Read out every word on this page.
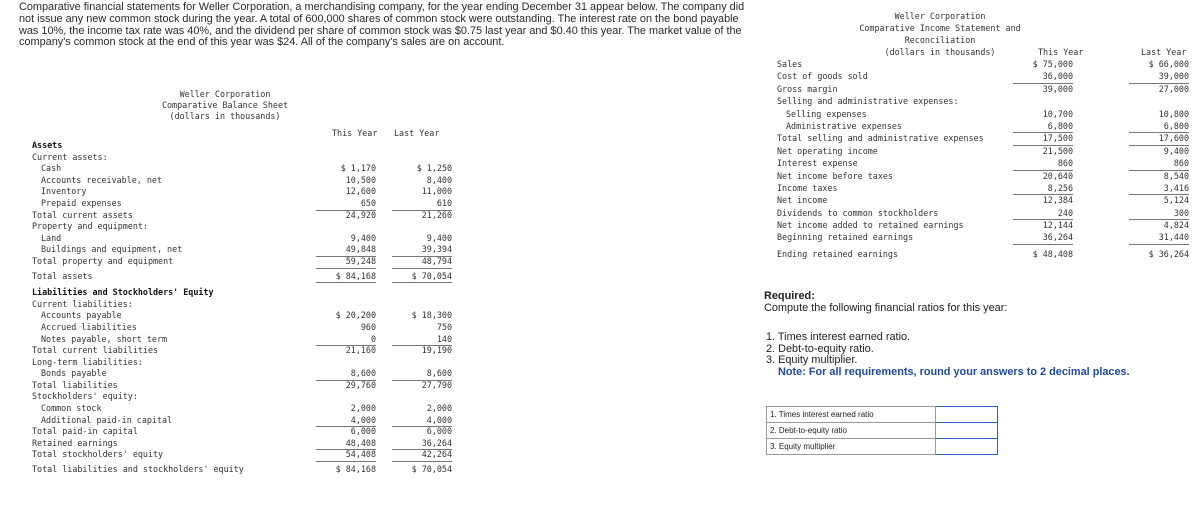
Comparative financial statements for Weller Corporation, a merchandising company, for the year ending December 31 appear below. The company did not issue any new common stock during the year. A total of 600,000 shares of common stock were outstanding. The interest rate on the bond payable was 10%, the income tax rate was 40%, and the dividend per share of common stock was $0.75 last year and $0.40 this year. The market value of the company's common stock at the end of this year was $24. All of the company's sales are on account.
Weller Corporation
Comparative Balance Sheet
(dollars in thousands)
This Year Last Year
Assets
Current assets:
Cash	$ 1,170	$ 1,250
Accounts receivable, net	10,500	8,400
Inventory	12,600	11,000
Prepaid expenses	650	610
Total current assets	24,920	21,260
Property and equipment:
Land	9,400	9,400
Buildings and equipment, net	49,848	39,394
Total property and equipment	59,248	48,794
Total assets	$ 84,168	$ 70,054
Liabilities and Stockholders' Equity
Current liabilities:
Accounts payable	$ 20,200	$ 18,300
Accrued liabilities	960	750
Notes payable, short term	0	140
Total current liabilities	21,160	19,190
Long-term liabilities:
Bonds payable	8,600	8,600
Total liabilities	29,760	27,790
Stockholders' equity:
Common stock	2,000	2,000
Additional paid-in capital	4,000	4,000
Total paid-in capital	6,000	6,000
Retained earnings	48,408	36,264
Total stockholders' equity	54,408	42,264
Total liabilities and stockholders' equity	$ 84,168	$ 70,054
Weller Corporation
Comparative Income Statement and Reconciliation
(dollars in thousands)	This Year	Last Year
Sales	$ 75,000	$ 66,000
Cost of goods sold	36,000	39,000
Gross margin	39,000	27,000
Selling and administrative expenses:
Selling expenses	10,700	10,800
Administrative expenses	6,800	6,800
Total selling and administrative expenses	17,500	17,600
Net operating income	21,500	9,400
Interest expense	860	860
Net income before taxes	20,640	8,540
Income taxes	8,256	3,416
Net income	12,384	5,124
Dividends to common stockholders	240	300
Net income added to retained earnings	12,144	4,824
Beginning retained earnings	36,264	31,440
Ending retained earnings	$ 48,408	$ 36,264
Required:
Compute the following financial ratios for this year:
1. Times interest earned ratio.
2. Debt-to-equity ratio.
3. Equity multiplier.
Note: For all requirements, round your answers to 2 decimal places.
1. Times interest earned ratio	
2. Debt-to-equity ratio	
3. Equity multiplier	
